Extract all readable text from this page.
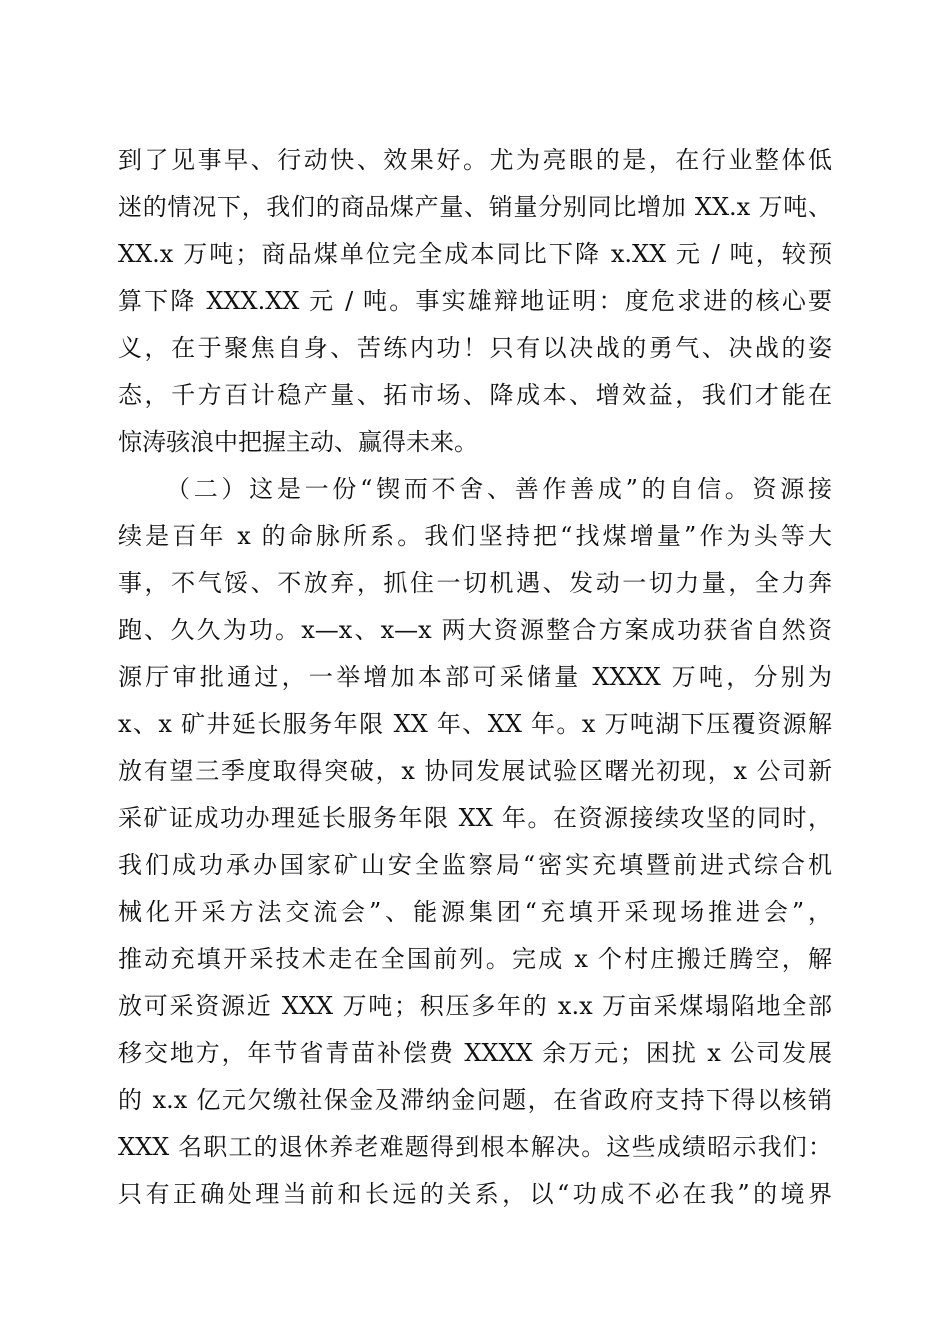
到了见事早、行动快、效果好。尤为亮眼的是，在行业整体低
迷的情况下，我们的商品煤产量、销量分别同比增加 XX.x 万吨、
XX.x 万吨；商品煤单位完全成本同比下降 x.XX 元 / 吨，较预
算下降 XXX.XX 元 / 吨。事实雄辩地证明：度危求进的核心要
义，在于聚焦自身、苦练内功！只有以决战的勇气、决战的姿
态，千方百计稳产量、拓市场、降成本、增效益，我们才能在
惊涛骇浪中把握主动、赢得未来。
（二）这是一份“锲而不舍、善作善成”的自信。资源接
续是百年 x 的命脉所系。我们坚持把“找煤增量”作为头等大
事，不气馁、不放弃，抓住一切机遇、发动一切力量，全力奔
跑、久久为功。x—x、x—x 两大资源整合方案成功获省自然资
源厅审批通过，一举增加本部可采储量 XXXX 万吨，分别为
x、x 矿井延长服务年限 XX 年、XX 年。x 万吨湖下压覆资源解
放有望三季度取得突破，x 协同发展试验区曙光初现，x 公司新
采矿证成功办理延长服务年限 XX 年。在资源接续攻坚的同时，
我们成功承办国家矿山安全监察局“密实充填暨前进式综合机
械化开采方法交流会”、能源集团“充填开采现场推进会”，
推动充填开采技术走在全国前列。完成 x 个村庄搬迁腾空，解
放可采资源近 XXX 万吨；积压多年的 x.x 万亩采煤塌陷地全部
移交地方，年节省青苗补偿费 XXXX 余万元；困扰 x 公司发展
的 x.x 亿元欠缴社保金及滞纳金问题，在省政府支持下得以核销
XXX 名职工的退休养老难题得到根本解决。这些成绩昭示我们：
只有正确处理当前和长远的关系，以“功成不必在我”的境界
